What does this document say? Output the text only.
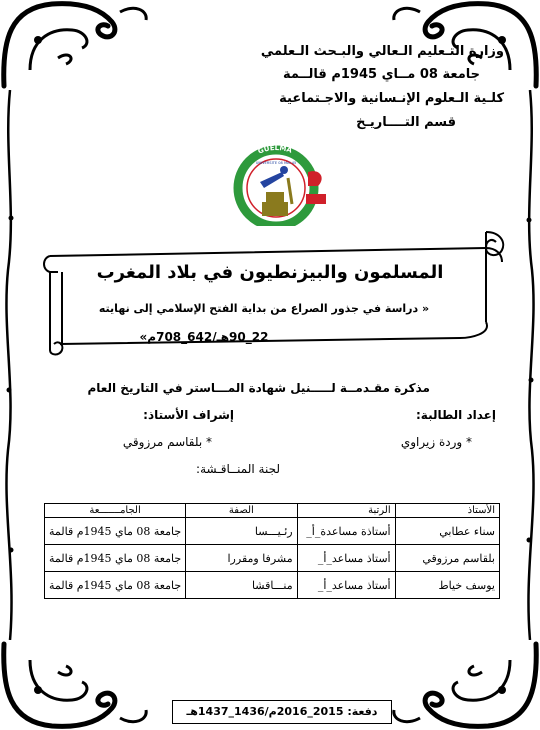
وزارة التـعليم الـعالي والبـحث الـعلمي
جامعة 08 مــاي 1945م قالــمة
كلـية الـعلوم الإنـسانية والاجـتماعية
قسم التــــاريـخ
GUELMA
UNIVERSITE 08 MAI 45
المسلمون والبيزنطيون في بلاد المغرب
« دراسة في جذور الصراع من بداية الفتح الإسلامي إلى نهايته
22_90هـ/642_708م»
مذكرة مقـدمــة لـــــنيل شهادة المـــاستر في التاريخ العام
إعداد الطالبة:
إشراف الأستاذ:
* وردة زيراوي
* بلقاسم مرزوقي
لجنة المنــاقـشة:
الأستاذ	الرتبة	الصفة	الجامـــــــعة
سناء عطابي	أستاذة مساعدة_أ_	رئـيـــسا	جامعة 08 ماي 1945م قالمة
بلقاسم مرزوقي	أستاذ مساعد_أ_	مشرفا ومقررا	جامعة 08 ماي 1945م قالمة
يوسف خياط	أستاذ مساعد_أ_	منـــاقشا	جامعة 08 ماي 1945م قالمة
دفعة: 2015_2016م/1436_1437هـ
